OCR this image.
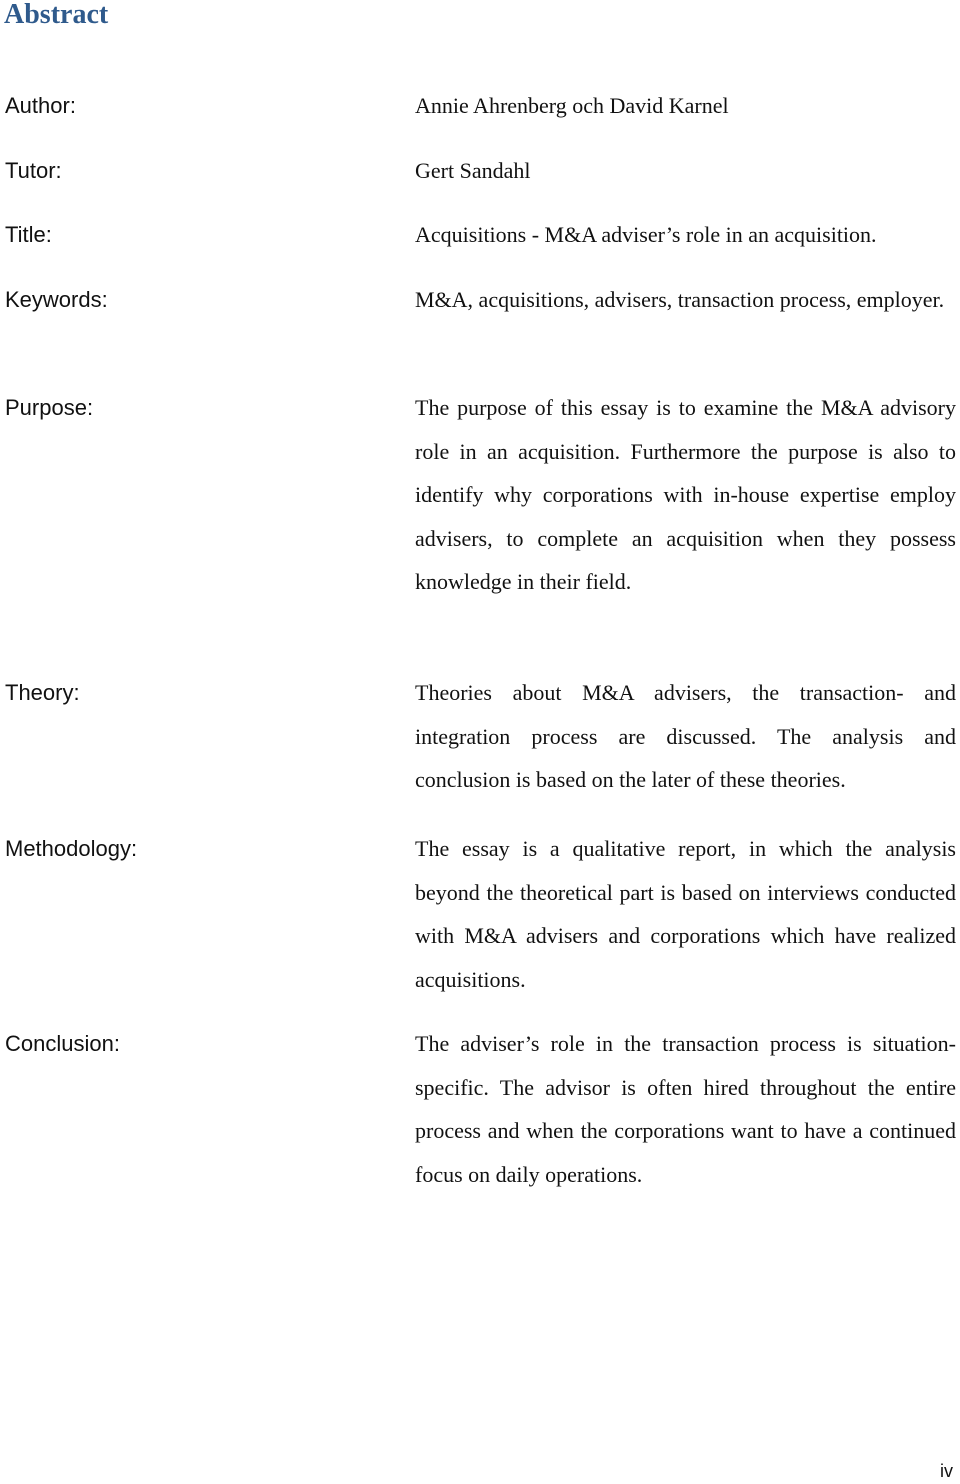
Abstract
Author:	Annie Ahrenberg och David Karnel
Tutor:	Gert Sandahl
Title:	Acquisitions - M&A adviser’s role in an acquisition.
Keywords:	M&A, acquisitions, advisers, transaction process, employer.
Purpose:	The purpose of this essay is to examine the M&A advisory role in an acquisition. Furthermore the purpose is also to identify why corporations with in-house expertise employ advisers, to complete an acquisition when they possess knowledge in their field.
Theory:	Theories about M&A advisers, the transaction- and integration process are discussed. The analysis and conclusion is based on the later of these theories.
Methodology:	The essay is a qualitative report, in which the analysis beyond the theoretical part is based on interviews conducted with M&A advisers and corporations which have realized acquisitions.
Conclusion:	The adviser’s role in the transaction process is situation-specific. The advisor is often hired throughout the entire process and when the corporations want to have a continued focus on daily operations.
iv
